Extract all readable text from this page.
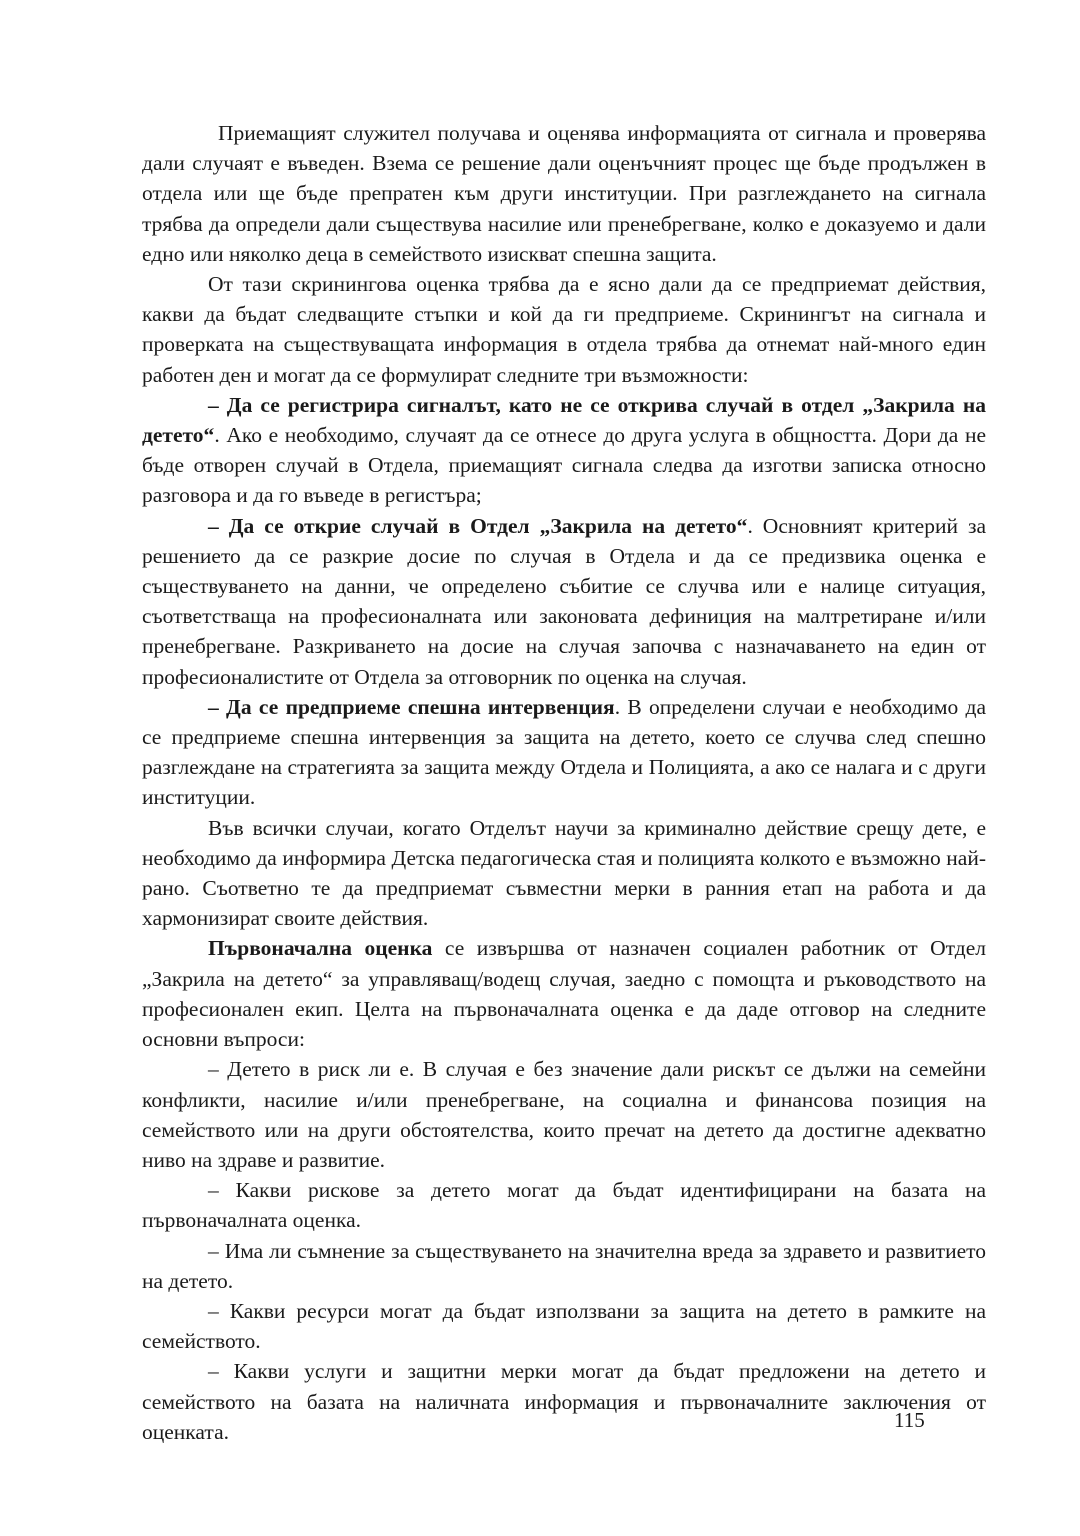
Приемащият служител получава и оценява информацията от сигнала и проверява дали случаят е въведен. Взема се решение дали оценъчният процес ще бъде продължен в отдела или ще бъде препратен към други институции. При разглеждането на сигнала трябва да определи дали съществува насилие или пренебрегване, колко е доказуемо и дали едно или няколко деца в семейството изискват спешна защита.

От тази скринингова оценка трябва да е ясно дали да се предприемат действия, какви да бъдат следващите стъпки и кой да ги предприеме. Скринингът на сигнала и проверката на съществуващата информация в отдела трябва да отнемат най-много един работен ден и могат да се формулират следните три възможности:

– Да се регистрира сигналът, като не се открива случай в отдел „Закрила на детето“. Ако е необходимо, случаят да се отнесе до друга услуга в общността. Дори да не бъде отворен случай в Отдела, приемащият сигнала следва да изготви записка относно разговора и да го въведе в регистъра;

– Да се открие случай в Отдел „Закрила на детето“. Основният критерий за решението да се разкрие досие по случая в Отдела и да се предизвика оценка е съществуването на данни, че определено събитие се случва или е налице ситуация, съответстваща на професионалната или законовата дефиниция на малтретиране и/или пренебрегване. Разкриването на досие на случая започва с назначаването на един от професионалистите от Отдела за отговорник по оценка на случая.

– Да се предприеме спешна интервенция. В определени случаи е необходимо да се предприеме спешна интервенция за защита на детето, което се случва след спешно разглеждане на стратегията за защита между Отдела и Полицията, а ако се налага и с други институции.

Във всички случаи, когато Отделът научи за криминално действие срещу дете, е необходимо да информира Детска педагогическа стая и полицията колкото е възможно най-рано. Съответно те да предприемат съвместни мерки в ранния етап на работа и да хармонизират своите действия.

Първоначална оценка се извършва от назначен социален работник от Отдел „Закрила на детето“ за управляващ/водещ случая, заедно с помощта и ръководството на професионален екип. Целта на първоначалната оценка е да даде отговор на следните основни въпроси:

– Детето в риск ли е. В случая е без значение дали рискът се дължи на семейни конфликти, насилие и/или пренебрегване, на социална и финансова позиция на семейството или на други обстоятелства, които пречат на детето да достигне адекватно ниво на здраве и развитие.

– Какви рискове за детето могат да бъдат идентифицирани на базата на първоначалната оценка.

– Има ли съмнение за съществуването на значителна вреда за здравето и развитието на детето.

– Какви ресурси могат да бъдат използвани за защита на детето в рамките на семейството.

– Какви услуги и защитни мерки могат да бъдат предложени на детето и семейството на базата на наличната информация и първоначалните заключения от оценката.	115
